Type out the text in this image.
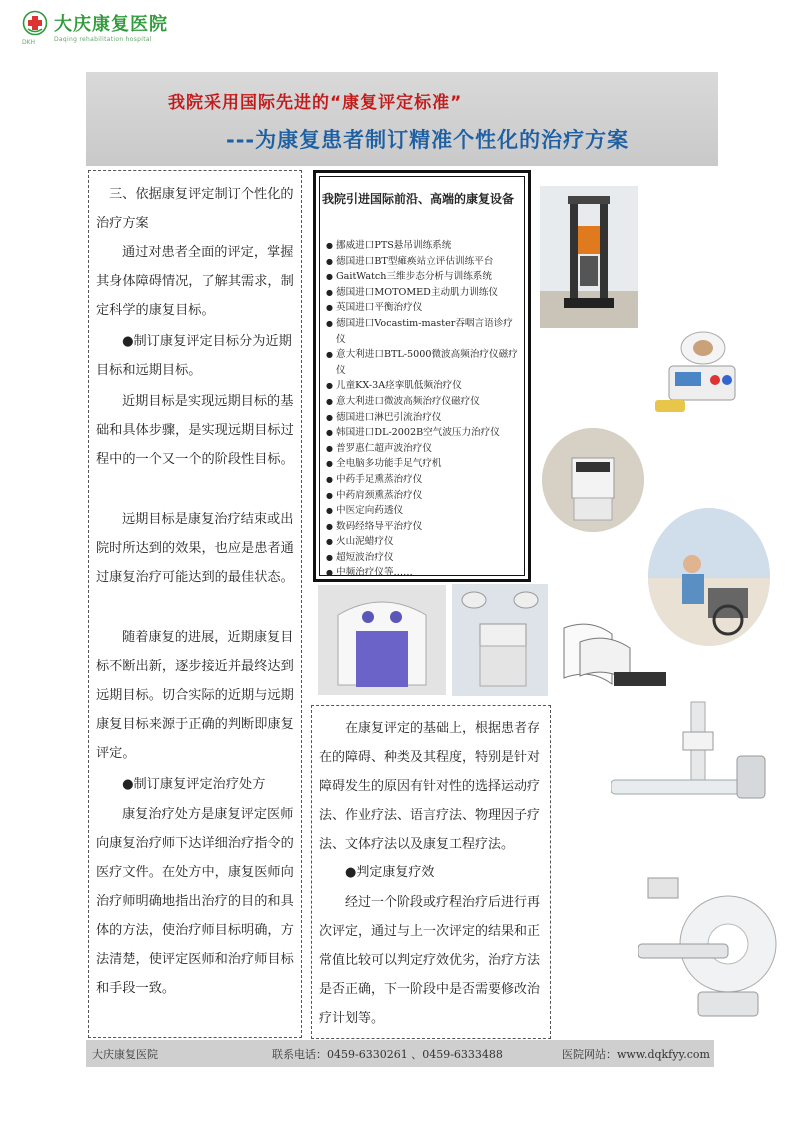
大庆康复医院
Daqing rehabilitation hospital
DKH
我院采用国际先进的“康复评定标准”
---为康复患者制订精准个性化的治疗方案
三、依据康复评定制订个性化的治疗方案
通过对患者全面的评定，掌握其身体障碍情况，了解其需求，制定科学的康复目标。
●制订康复评定目标分为近期目标和远期目标。
近期目标是实现远期目标的基础和具体步骤，是实现远期目标过程中的一个又一个的阶段性目标。
远期目标是康复治疗结束或出院时所达到的效果，也应是患者通过康复治疗可能达到的最佳状态。
随着康复的进展，近期康复目标不断出新，逐步接近并最终达到远期目标。切合实际的近期与远期康复目标来源于正确的判断即康复评定。
●制订康复评定治疗处方
康复治疗处方是康复评定医师向康复治疗师下达详细治疗指令的医疗文件。在处方中，康复医师向治疗师明确地指出治疗的目的和具体的方法，使治疗师目标明确，方法清楚，使评定医师和治疗师目标和手段一致。
我院引进国际前沿、高端的康复设备
● 挪威进口PTS悬吊训练系统
● 德国进口BT型瘫痪站立评估训练平台
● GaitWatch三维步态分析与训练系统
● 德国进口MOTOMED主动肌力训练仪
● 英国进口平衡治疗仪
● 德国进口Vocastim-master吞咽言语诊疗仪
● 意大利进口BTL-5000微波高频治疗仪磁疗仪
● 儿童KX-3A痉挛肌低频治疗仪
● 意大利进口微波高频治疗仪磁疗仪
● 德国进口淋巴引流治疗仪
● 韩国进口DL-2002B空气波压力治疗仪
● 普罗惠仁超声波治疗仪
● 全电脑多功能手足气疗机
● 中药手足熏蒸治疗仪
● 中药肩颈熏蒸治疗仪
● 中医定向药透仪
● 数码经络导平治疗仪
● 火山泥蜡疗仪
● 超短波治疗仪
● 中频治疗仪等……
在康复评定的基础上，根据患者存在的障碍、种类及其程度，特别是针对障碍发生的原因有针对性的选择运动疗法、作业疗法、语言疗法、物理因子疗法、文体疗法以及康复工程疗法。
●判定康复疗效
经过一个阶段或疗程治疗后进行再次评定，通过与上一次评定的结果和正常值比较可以判定疗效优劣，治疗方法是否正确，下一阶段中是否需要修改治疗计划等。
大庆康复医院	联系电话：0459-6330261 、0459-6333488	医院网站：www.dqkfyy.com
